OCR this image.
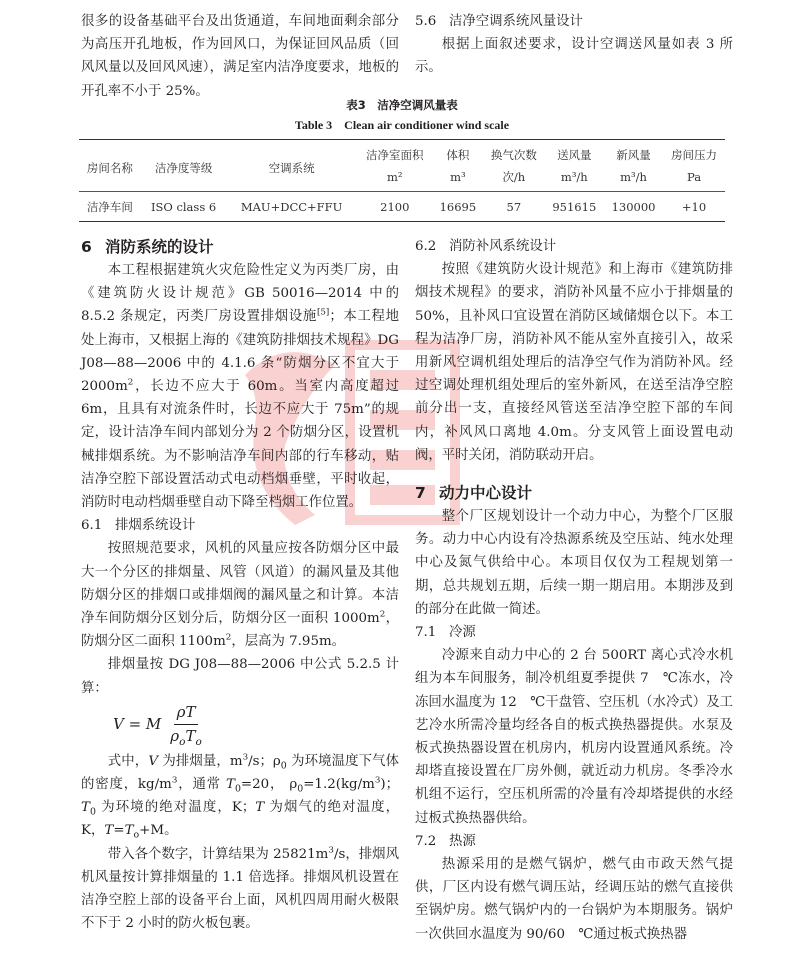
很多的设备基础平台及出货通道，车间地面剩余部分为高压开孔地板，作为回风口，为保证回风品质（回风风量以及回风风速），满足室内洁净度要求，地板的开孔率不小于 25%。

5.6 洁净空调系统风量设计

根据上面叙述要求，设计空调送风量如表 3 所示。

表3　洁净空调风量表
Table 3　Clean air conditioner wind scale
房间名称	洁净度等级	空调系统	洁净室面积	体积	换气次数	送风量	新风量	房间压力
			m²	m³	次/h	m³/h	m³/h	Pa
洁净车间	ISO class 6	MAU+DCC+FFU	2100	16695	57	951615	130000	+10
6 消防系统的设计

本工程根据建筑火灾危险性定义为丙类厂房，由《建筑防火设计规范》GB 50016—2014 中的 8.5.2 条规定，丙类厂房设置排烟设施[5]；本工程地处上海市，又根据上海的《建筑防排烟技术规程》DG J08—88—2006 中的 4.1.6 条“防烟分区不宜大于 $2000m^2$，长边不应大于 60m。当室内高度超过 6m，且具有对流条件时，长边不应大于 75m”的规定，设计洁净车间内部划分为 2 个防烟分区，设置机械排烟系统。为不影响洁净车间内部的行车移动，贴洁净空腔下部设置活动式电动档烟垂壁，平时收起，消防时电动档烟垂壁自动下降至档烟工作位置。

6.1 排烟系统设计

按照规范要求，风机的风量应按各防烟分区中最大一个分区的排烟量、风管（风道）的漏风量及其他防烟分区的排烟口或排烟阀的漏风量之和计算。本洁净车间防烟分区划分后，防烟分区一面积 $1000m^2$，防烟分区二面积 $1100m^2$，层高为 7.95m。

排烟量按 DG J08—88—2006 中公式 5.2.5 计算：

V = M $\frac{\rho T}{\rho_oT_o}$

式中，V 为排烟量，$m^3/s$；$\rho_0$ 为环境温度下气体的密度，$kg/m^3$，通常 $T_0=20$， $\rho_0=1.2(kg/m^3)$；$T_0$ 为环境的绝对温度，K；T 为烟气的绝对温度，K，$T=T_o+M$。

带入各个数字，计算结果为 $25821m^3/s$，排烟风机风量按计算排烟量的 1.1 倍选择。排烟风机设置在洁净空腔上部的设备平台上面，风机四周用耐火极限不下于 2 小时的防火板包裹。

6.2 消防补风系统设计

按照《建筑防火设计规范》和上海市《建筑防排烟技术规程》的要求，消防补风量不应小于排烟量的 50%，且补风口宜设置在消防区域储烟仓以下。本工程为洁净厂房，消防补风不能从室外直接引入，故采用新风空调机组处理后的洁净空气作为消防补风。经过空调处理机组处理后的室外新风，在送至洁净空腔前分出一支，直接经风管送至洁净空腔下部的车间内，补风风口离地 4.0m。分支风管上面设置电动阀，平时关闭，消防联动开启。

7 动力中心设计

整个厂区规划设计一个动力中心，为整个厂区服务。动力中心内设有冷热源系统及空压站、纯水处理中心及氮气供给中心。本项目仅仅为工程规划第一期，总共规划五期，后续一期一期启用。本期涉及到的部分在此做一简述。

7.1 冷源

冷源来自动力中心的 2 台 500RT 离心式冷水机组为本车间服务，制冷机组夏季提供 7　℃冻水，冷冻回水温度为 12　℃干盘管、空压机（水冷式）及工艺冷水所需冷量均经各自的板式换热器提供。水泵及板式换热器设置在机房内，机房内设置通风系统。冷却塔直接设置在厂房外侧，就近动力机房。冬季冷水机组不运行，空压机所需的冷量有冷却塔提供的水经过板式换热器供给。

7.2 热源

热源采用的是燃气锅炉，燃气由市政天然气提供，厂区内设有燃气调压站，经调压站的燃气直接供至锅炉房。燃气锅炉内的一台锅炉为本期服务。锅炉一次供回水温度为 90/60　℃通过板式换热器
